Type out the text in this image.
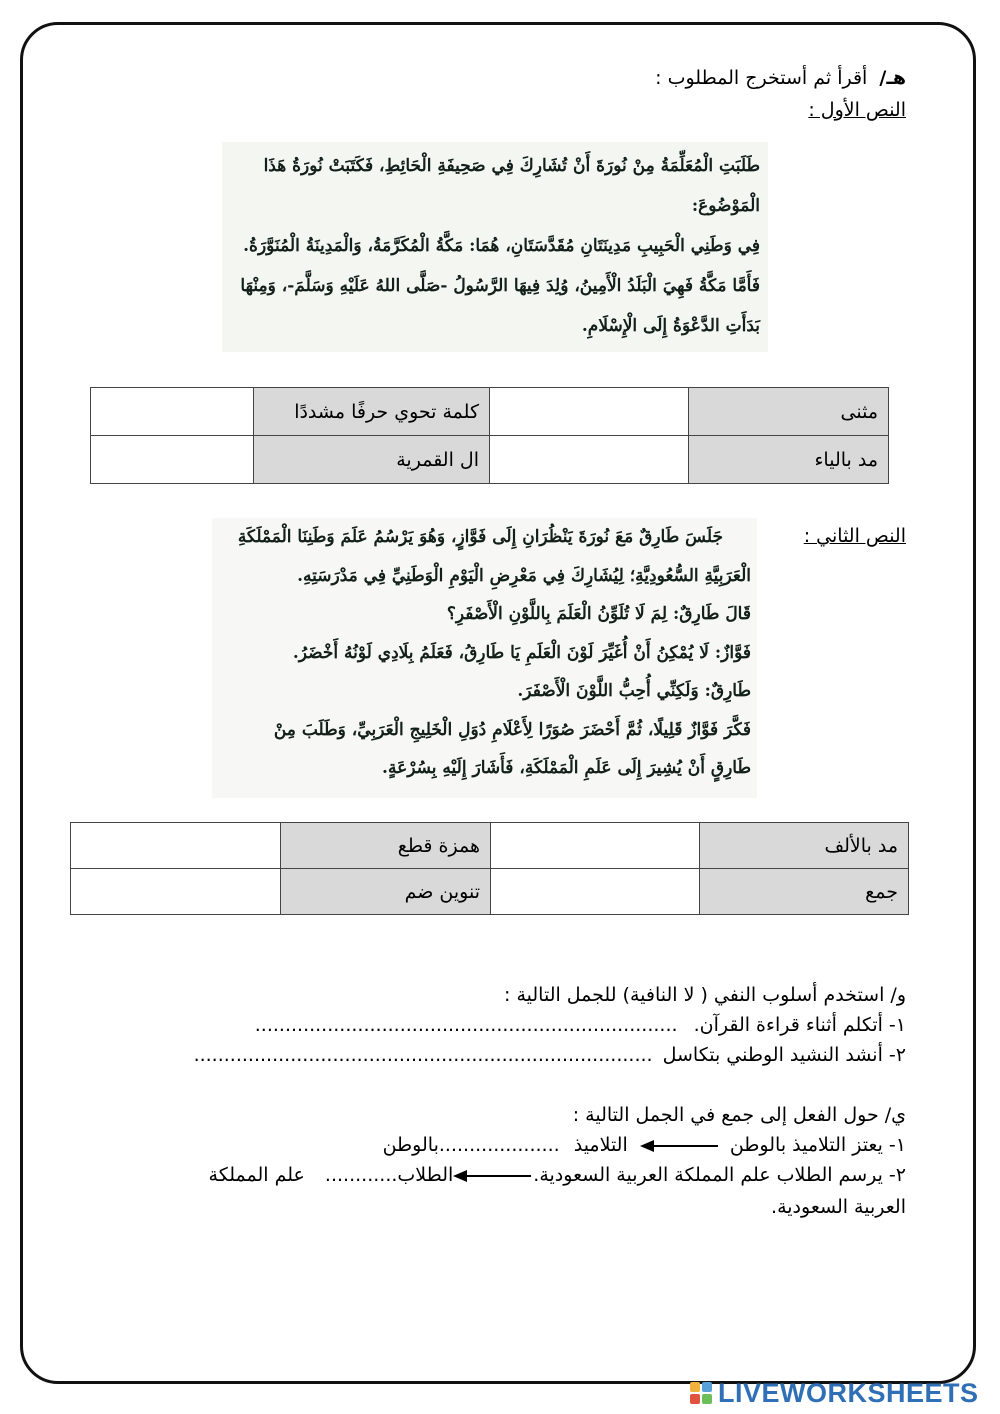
هـ/ أقرأ ثم أستخرج المطلوب :
النص الأول :
طَلَبَتِ الْمُعَلِّمَةُ مِنْ نُورَةَ أَنْ تُشَارِكَ فِي صَحِيفَةِ الْحَائِطِ، فَكَتَبَتْ نُورَةُ هَذَا
الْمَوْضُوعَ:
فِي وَطَنِي الْحَبِيبِ مَدِينَتَانِ مُقَدَّسَتَانِ، هُمَا: مَكَّةُ الْمُكَرَّمَةُ، وَالْمَدِينَةُ الْمُنَوَّرَةُ.
فَأَمَّا مَكَّةُ فَهِيَ الْبَلَدُ الْأَمِينُ، وُلِدَ فِيهَا الرَّسُولُ -صَلَّى اللهُ عَلَيْهِ وَسَلَّمَ-، وَمِنْهَا
بَدَأَتِ الدَّعْوَةُ إِلَى الْإِسْلَامِ.
مثنى		كلمة تحوي حرفًا مشددًا	
مد بالياء		ال القمرية	
النص الثاني :
جَلَسَ طَارِقٌ مَعَ نُورَةَ يَنْظُرَانِ إِلَى فَوَّازٍ، وَهُوَ يَرْسُمُ عَلَمَ وَطَنِنَا الْمَمْلَكَةِ
الْعَرَبِيَّةِ السُّعُودِيَّةِ؛ لِيُشَارِكَ فِي مَعْرِضِ الْيَوْمِ الْوَطَنِيِّ فِي مَدْرَسَتِهِ.
قَالَ طَارِقٌ: لِمَ لَا تُلَوِّنُ الْعَلَمَ بِاللَّوْنِ الْأَصْفَرِ؟
فَوَّازٌ: لَا يُمْكِنُ أَنْ أُغَيِّرَ لَوْنَ الْعَلَمِ يَا طَارِقُ، فَعَلَمُ بِلَادِي لَوْنُهُ أَخْضَرُ.
طَارِقٌ: وَلَكِنِّي أُحِبُّ اللَّوْنَ الْأَصْفَرَ.
فَكَّرَ فَوَّازٌ قَلِيلًا، ثُمَّ أَحْضَرَ صُوَرًا لِأَعْلَامِ دُوَلِ الْخَلِيجِ الْعَرَبِيِّ، وَطَلَبَ مِنْ
طَارِقٍ أَنْ يُشِيرَ إِلَى عَلَمِ الْمَمْلَكَةِ، فَأَشَارَ إِلَيْهِ بِسُرْعَةٍ.
مد بالألف		همزة قطع	
جمع		تنوين ضم	
و/ استخدم أسلوب النفي ( لا النافية) للجمل التالية :
١- أتكلم أثناء قراءة القرآن. ......................................................................
٢- أنشد النشيد الوطني بتكاسل ............................................................................
ي/ حول الفعل إلى جمع في الجمل التالية :
١- يعتز التلاميذ بالوطن  التلاميذ ....................بالوطن
٢- يرسم الطلاب علم المملكة العربية السعودية.الطلاب............ علم المملكة
العربية السعودية.
LIVEWORKSHEETS
